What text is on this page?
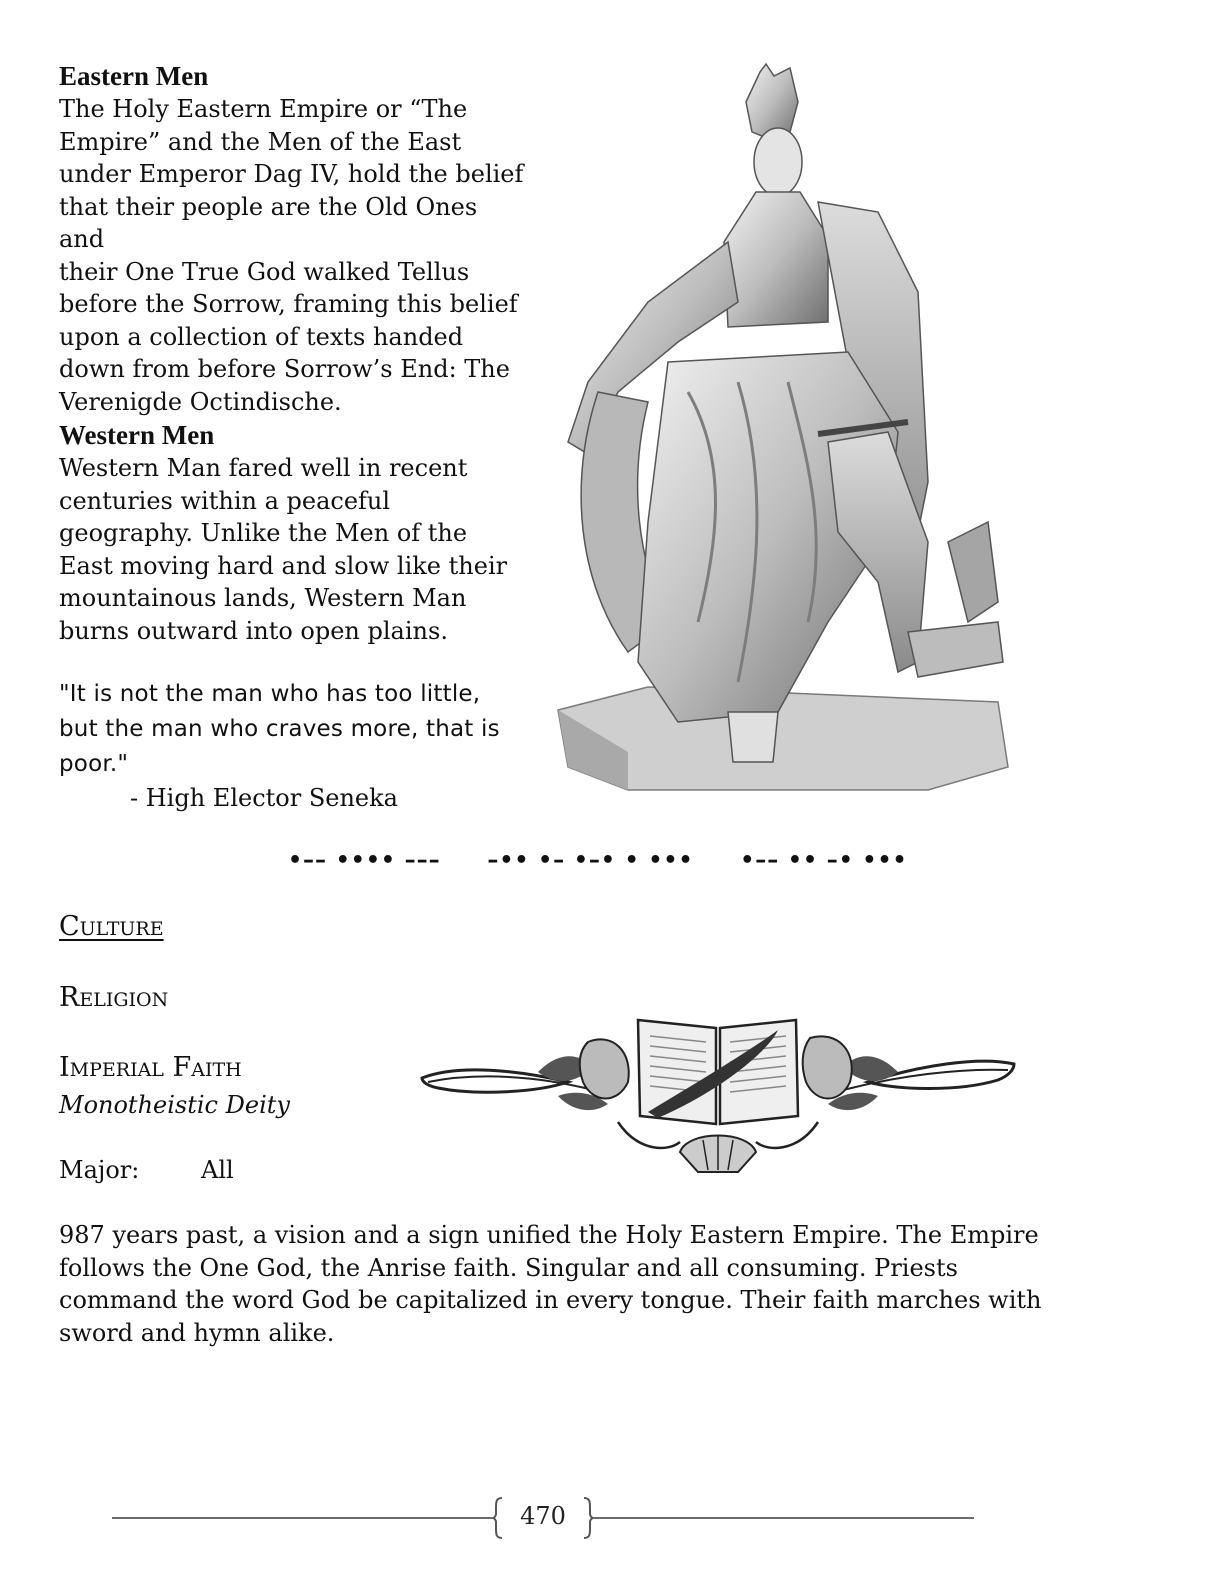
Eastern Men
The Holy Eastern Empire or “The
Empire” and the Men of the East
under Emperor Dag IV, hold the belief
that their people are the Old Ones and
their One True God walked Tellus
before the Sorrow, framing this belief
upon a collection of texts handed
down from before Sorrow’s End: The
Verenigde Octindische.
Western Men
Western Man fared well in recent
centuries within a peaceful
geography. Unlike the Men of the
East moving hard and slow like their
mountainous lands, Western Man
burns outward into open plains.
"It is not the man who has too little,
but the man who craves more, that is
poor."
- High Elector Seneka
•–– •••• ––– –•• •– •–• • ••• •–– •• –• •••
Culture
Religion
Imperial Faith
Monotheistic Deity
Major:	All
987 years past, a vision and a sign unified the Holy Eastern Empire. The Empire
follows the One God, the Anrise faith. Singular and all consuming. Priests
command the word God be capitalized in every tongue. Their faith marches with
sword and hymn alike.
470
